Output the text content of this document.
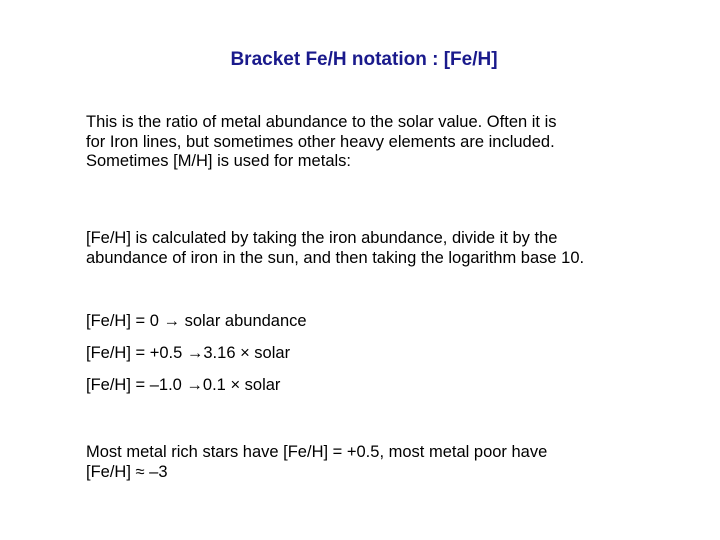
Bracket Fe/H notation : [Fe/H]
This is the ratio of metal abundance to the solar value. Often it is
for Iron lines, but sometimes other heavy elements are included.
Sometimes [M/H] is used for metals:
[Fe/H] is calculated by taking the iron abundance, divide it by the
abundance of iron in the sun, and then taking the logarithm base 10.
[Fe/H] = 0 → solar abundance
[Fe/H] = +0.5 →3.16 × solar
[Fe/H] = –1.0 →0.1 × solar
Most metal rich stars have [Fe/H] = +0.5, most metal poor have
[Fe/H] ≈ –3
